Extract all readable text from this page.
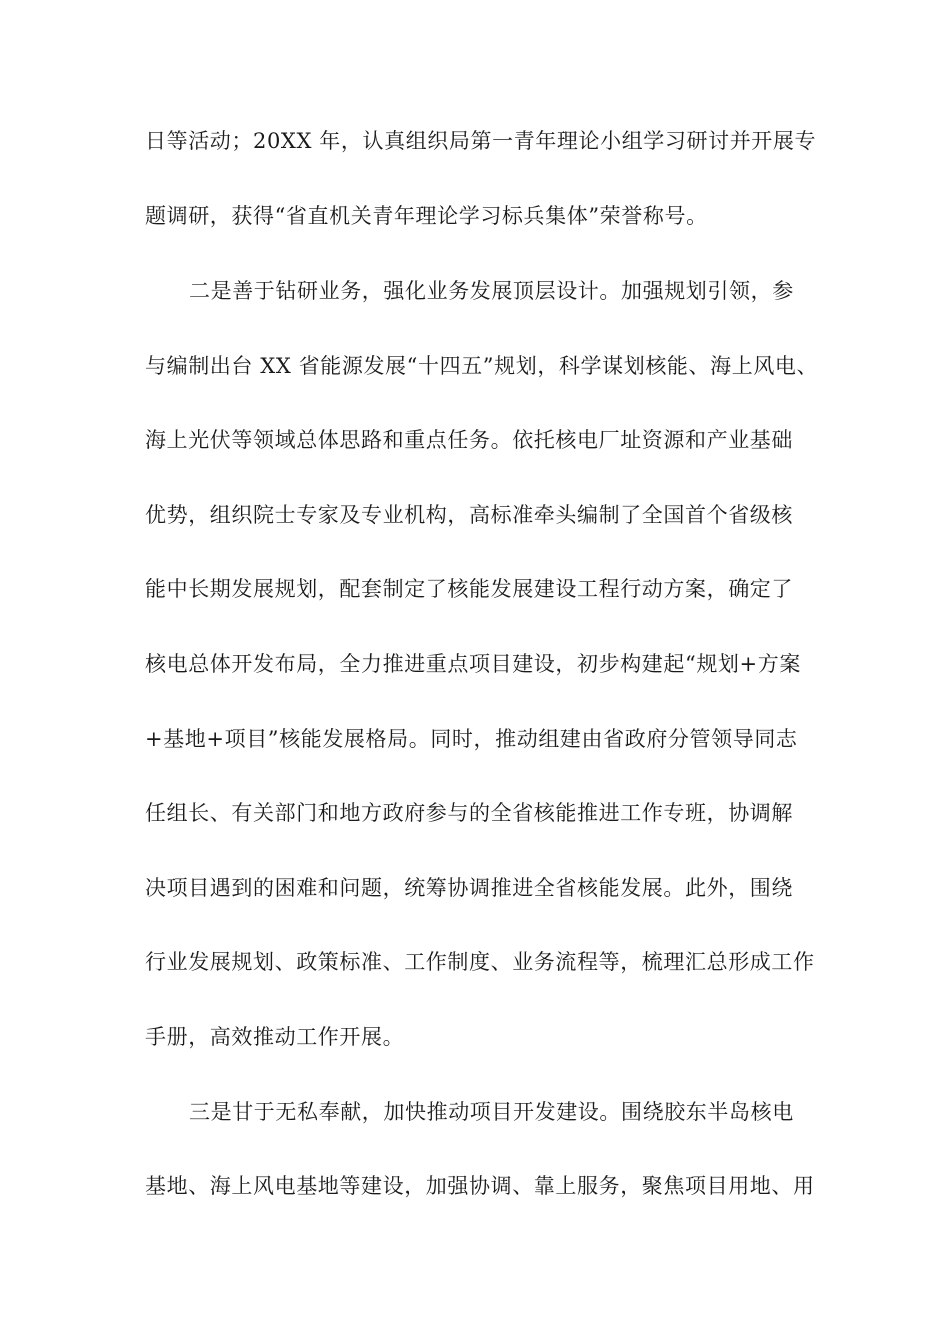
日等活动；20XX 年，认真组织局第一青年理论小组学习研讨并开展专
题调研，获得“省直机关青年理论学习标兵集体”荣誉称号。
二是善于钻研业务，强化业务发展顶层设计。加强规划引领，参
与编制出台 XX 省能源发展“十四五”规划，科学谋划核能、海上风电、
海上光伏等领域总体思路和重点任务。依托核电厂址资源和产业基础
优势，组织院士专家及专业机构，高标准牵头编制了全国首个省级核
能中长期发展规划，配套制定了核能发展建设工程行动方案，确定了
核电总体开发布局，全力推进重点项目建设，初步构建起“规划+方案
+基地+项目”核能发展格局。同时，推动组建由省政府分管领导同志
任组长、有关部门和地方政府参与的全省核能推进工作专班，协调解
决项目遇到的困难和问题，统筹协调推进全省核能发展。此外，围绕
行业发展规划、政策标准、工作制度、业务流程等，梳理汇总形成工作
手册，高效推动工作开展。
三是甘于无私奉献，加快推动项目开发建设。围绕胶东半岛核电
基地、海上风电基地等建设，加强协调、靠上服务，聚焦项目用地、用
